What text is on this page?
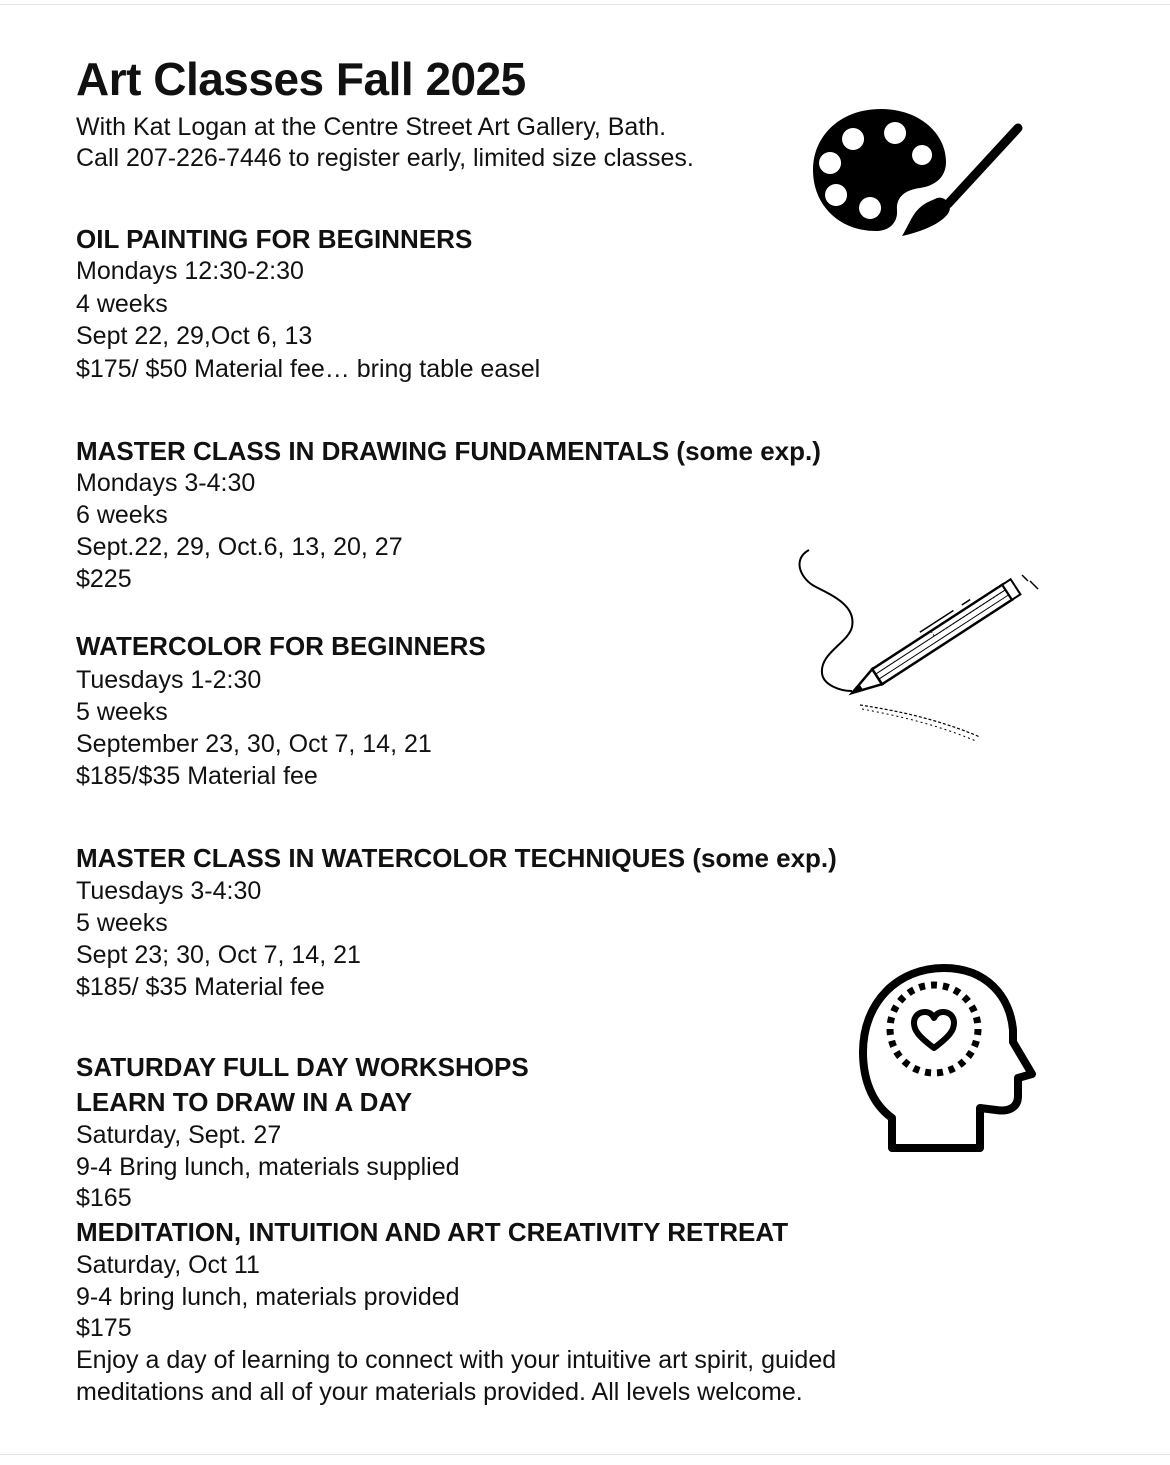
Art Classes Fall 2025
With Kat Logan at the Centre Street Art Gallery, Bath.
Call 207-226-7446 to register early, limited size classes.
OIL PAINTING FOR BEGINNERS
Mondays 12:30-2:30
4 weeks
Sept 22, 29,Oct 6, 13
$175/ $50 Material fee… bring table easel
MASTER CLASS IN DRAWING FUNDAMENTALS (some exp.)
Mondays 3-4:30
6 weeks
Sept.22, 29, Oct.6, 13, 20, 27
$225
WATERCOLOR FOR BEGINNERS
Tuesdays 1-2:30
5 weeks
September 23, 30, Oct 7, 14, 21
$185/$35 Material fee
MASTER CLASS IN WATERCOLOR TECHNIQUES (some exp.)
Tuesdays 3-4:30
5 weeks
Sept 23; 30, Oct 7, 14, 21
$185/ $35 Material fee
SATURDAY FULL DAY WORKSHOPS
LEARN TO DRAW IN A DAY
Saturday, Sept. 27
9-4 Bring lunch, materials supplied
$165
MEDITATION, INTUITION AND ART CREATIVITY RETREAT
Saturday, Oct 11
9-4 bring lunch, materials provided
$175
Enjoy a day of learning to connect with your intuitive art spirit, guided
meditations and all of your materials provided. All levels welcome.
